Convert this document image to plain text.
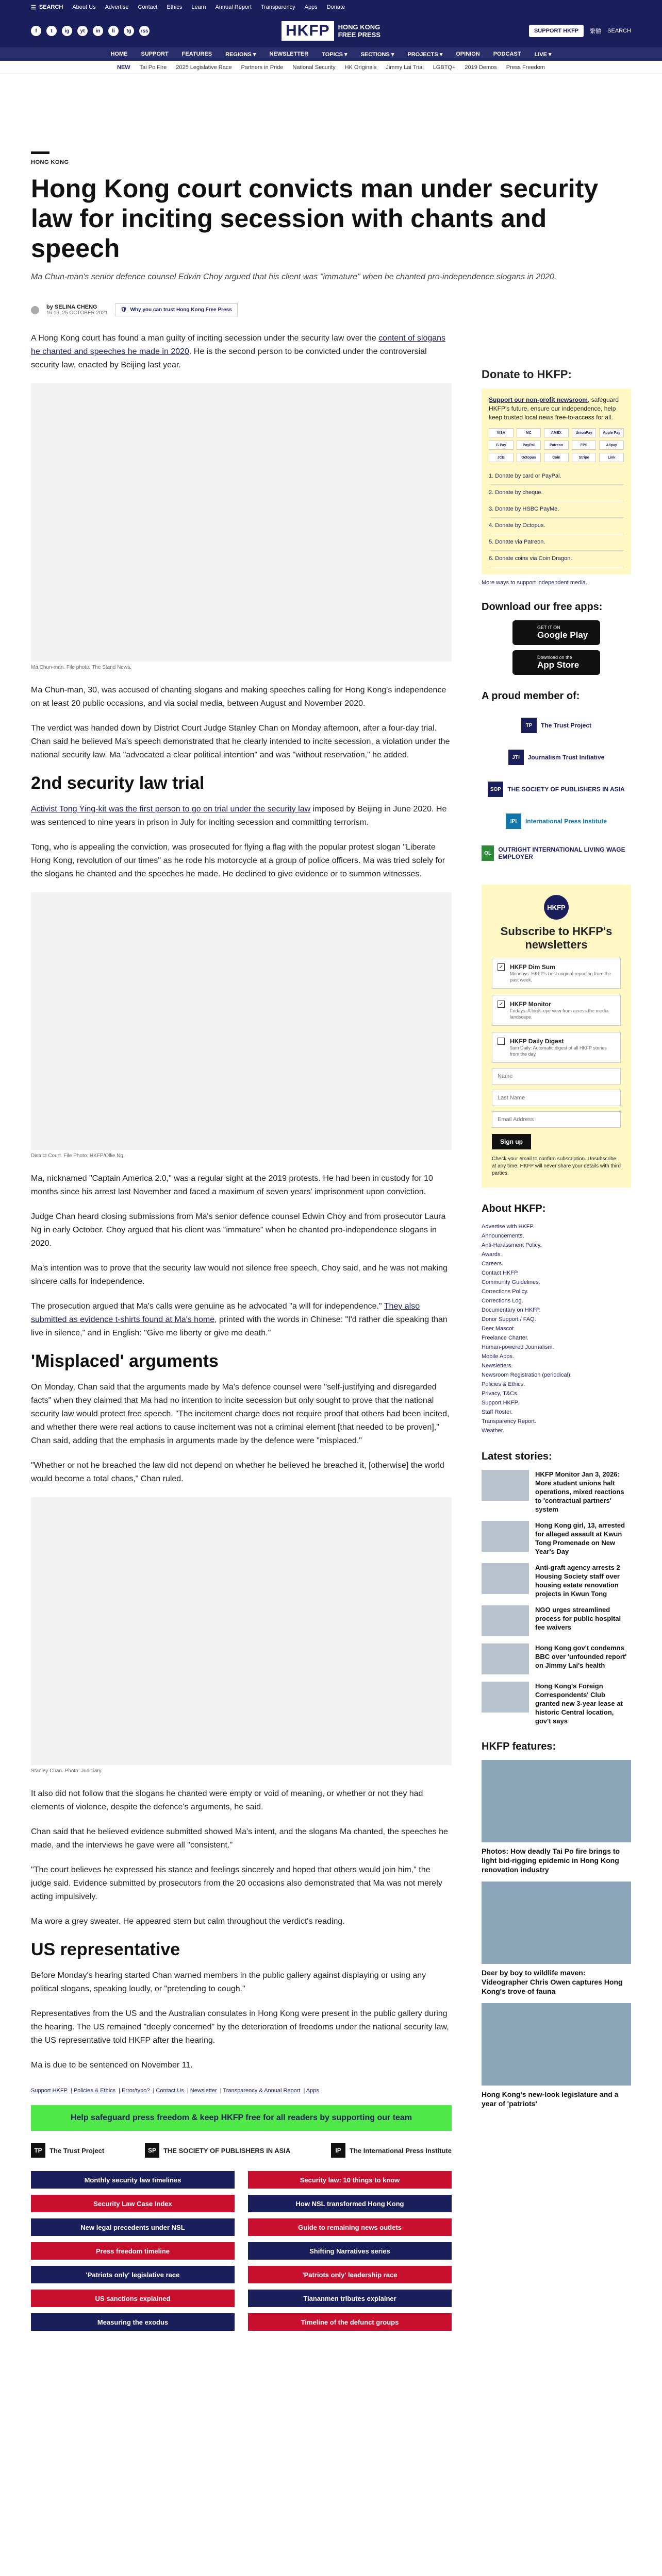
☰ SEARCH About Us Advertise Contact Ethics Learn Annual Report Transparency Apps Donate
f	t	ig	yt	in	li	tg	rss	HKFP	HONG KONG
FREE PRESS	SUPPORT HKFP	繁體 SEARCH
HOME SUPPORT FEATURES REGIONS ▾ NEWSLETTER TOPICS ▾ SECTIONS ▾ PROJECTS ▾ OPINION PODCAST LIVE ▾
NEW Tai Po Fire 2025 Legislative Race Partners in Pride National Security HK Originals Jimmy Lai Trial LGBTQ+ 2019 Demos Press Freedom
HONG KONG
Hong Kong court convicts man under security law for inciting secession with chants and speech

Ma Chun-man's senior defence counsel Edwin Choy argued that his client was "immature" when he chanted pro-independence slogans in 2020.

by SELINA CHENG
16:13, 25 OCTOBER 2021
🛡 Why you can trust Hong Kong Free Press

A Hong Kong court has found a man guilty of inciting secession under the security law over the content of slogans he chanted and speeches he made in 2020. He is the second person to be convicted under the controversial security law, enacted by Beijing last year.

Ma Chun-man. File photo: The Stand News.

Ma Chun-man, 30, was accused of chanting slogans and making speeches calling for Hong Kong's independence on at least 20 public occasions, and via social media, between August and November 2020.

The verdict was handed down by District Court Judge Stanley Chan on Monday afternoon, after a four-day trial. Chan said he believed Ma's speech demonstrated that he clearly intended to incite secession, a violation under the national security law. Ma "advocated a clear political intention" and was "without reservation," he added.

2nd security law trial

Activist Tong Ying-kit was the first person to go on trial under the security law imposed by Beijing in June 2020. He was sentenced to nine years in prison in July for inciting secession and committing terrorism.

Tong, who is appealing the conviction, was prosecuted for flying a flag with the popular protest slogan "Liberate Hong Kong, revolution of our times" as he rode his motorcycle at a group of police officers. Ma was tried solely for the slogans he chanted and the speeches he made. He declined to give evidence or to summon witnesses.

District Court. File Photo: HKFP/Ollie Ng.

Ma, nicknamed "Captain America 2.0," was a regular sight at the 2019 protests. He had been in custody for 10 months since his arrest last November and faced a maximum of seven years' imprisonment upon conviction.

Judge Chan heard closing submissions from Ma's senior defence counsel Edwin Choy and from prosecutor Laura Ng in early October. Choy argued that his client was "immature" when he chanted pro-independence slogans in 2020.

Ma's intention was to prove that the security law would not silence free speech, Choy said, and he was not making sincere calls for independence.

The prosecution argued that Ma's calls were genuine as he advocated "a will for independence." They also submitted as evidence t-shirts found at Ma's home, printed with the words in Chinese: "I'd rather die speaking than live in silence," and in English: "Give me liberty or give me death."

'Misplaced' arguments

On Monday, Chan said that the arguments made by Ma's defence counsel were "self-justifying and disregarded facts" when they claimed that Ma had no intention to incite secession but only sought to prove that the national security law would protect free speech. "The incitement charge does not require proof that others had been incited, and whether there were real actions to cause incitement was not a criminal element [that needed to be proven]," Chan said, adding that the emphasis in arguments made by the defence were "misplaced."

"Whether or not he breached the law did not depend on whether he believed he breached it, [otherwise] the world would become a total chaos," Chan ruled.

Stanley Chan. Photo: Judiciary.

It also did not follow that the slogans he chanted were empty or void of meaning, or whether or not they had elements of violence, despite the defence's arguments, he said.

Chan said that he believed evidence submitted showed Ma's intent, and the slogans Ma chanted, the speeches he made, and the interviews he gave were all "consistent."

"The court believes he expressed his stance and feelings sincerely and hoped that others would join him," the judge said. Evidence submitted by prosecutors from the 20 occasions also demonstrated that Ma was not merely acting impulsively.

Ma wore a grey sweater. He appeared stern but calm throughout the verdict's reading.

US representative

Before Monday's hearing started Chan warned members in the public gallery against displaying or using any political slogans, speaking loudly, or "pretending to cough."

Representatives from the US and the Australian consulates in Hong Kong were present in the public gallery during the hearing. The US remained "deeply concerned" by the deterioration of freedoms under the national security law, the US representative told HKFP after the hearing.

Ma is due to be sentenced on November 11.

Support HKFP | Policies & Ethics | Error/typo? | Contact Us | Newsletter | Transparency & Annual Report | Apps
Help safeguard press freedom & keep HKFP free for all readers by supporting our team
TP	The Trust Project	SP	THE SOCIETY OF PUBLISHERS IN ASIA	IP	The International Press Institute
Monthly security law timelines	Security law: 10 things to know
Security Law Case Index	How NSL transformed Hong Kong
New legal precedents under NSL	Guide to remaining news outlets
Press freedom timeline	Shifting Narratives series
'Patriots only' legislative race	'Patriots only' leadership race
US sanctions explained	Tiananmen tributes explainer
Measuring the exodus	Timeline of the defunct groups
Donate to HKFP:
Support our non-profit newsroom, safeguard HKFP's future, ensure our independence, help keep trusted local news free-to-access for all.
VISA	MC	AMEX	UnionPay	Apple Pay
G Pay	PayPal	Patreon	FPS	Alipay
JCB	Octopus	Coin	Stripe	Link
1. Donate by card or PayPal.
2. Donate by cheque.
3. Donate by HSBC PayMe.
4. Donate by Octopus.
5. Donate via Patreon.
6. Donate coins via Coin Dragon.
More ways to support independent media.
Download our free apps:
GET IT ON
Google Play
Download on the
App Store
A proud member of:
TP	The Trust Project
JTI	Journalism Trust Initiative
SOP	THE SOCIETY OF PUBLISHERS IN ASIA
IPI	International Press Institute
OL	OUTRIGHT INTERNATIONAL LIVING WAGE EMPLOYER
HKFP
Subscribe to HKFP's newsletters
✓ HKFP Dim Sum
Mondays: HKFP's best original reporting from the past week.
✓ HKFP Monitor
Fridays: A birds-eye view from across the media landscape.
HKFP Daily Digest
9am Daily: Automatic digest of all HKFP stories from the day.
Name
Last Name
Email Address
Sign up

Check your email to confirm subscription. Unsubscribe at any time. HKFP will never share your details with third parties.

About HKFP:
Advertise with HKFP.
Announcements.
Anti-Harassment Policy.
Awards.
Careers.
Contact HKFP.
Community Guidelines.
Corrections Policy.
Corrections Log.
Documentary on HKFP.
Donor Support / FAQ.
Deer Mascot.
Freelance Charter.
Human-powered Journalism.
Mobile Apps.
Newsletters.
Newsroom Registration (periodical).
Policies & Ethics.
Privacy, T&Cs.
Support HKFP.
Staff Roster.
Transparency Report.
Weather.
Latest stories:
HKFP Monitor Jan 3, 2026: More student unions halt operations, mixed reactions to 'contractual partners' system
Hong Kong girl, 13, arrested for alleged assault at Kwun Tong Promenade on New Year's Day
Anti-graft agency arrests 2 Housing Society staff over housing estate renovation projects in Kwun Tong
NGO urges streamlined process for public hospital fee waivers
Hong Kong gov't condemns BBC over 'unfounded report' on Jimmy Lai's health
Hong Kong's Foreign Correspondents' Club granted new 3-year lease at historic Central location, gov't says
HKFP features:
Photos: How deadly Tai Po fire brings to light bid-rigging epidemic in Hong Kong renovation industry
Deer by boy to wildlife maven: Videographer Chris Owen captures Hong Kong's trove of fauna
Hong Kong's new-look legislature and a year of 'patriots'
